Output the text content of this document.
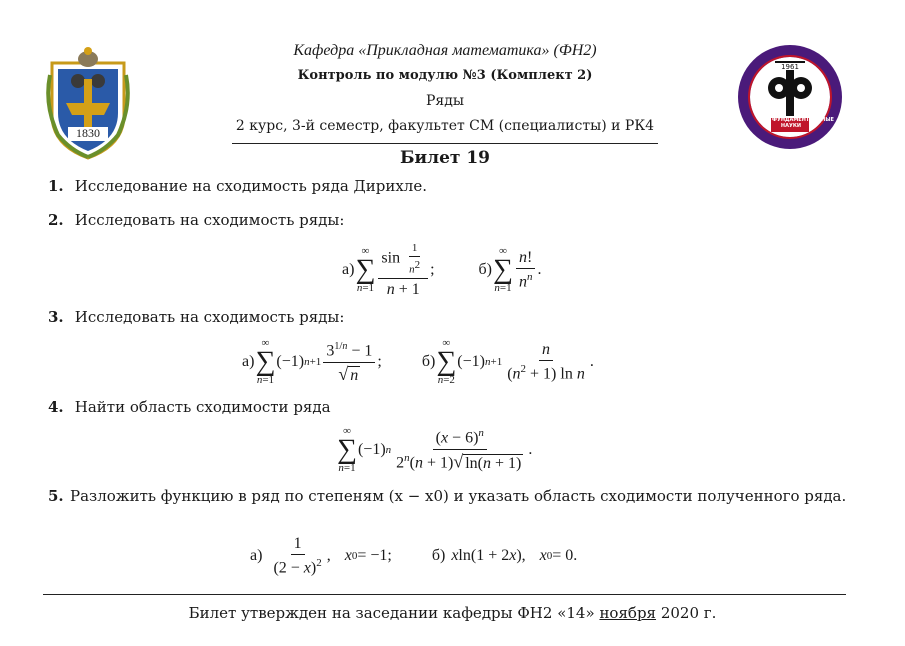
1830
1961
ФУНДАМЕНТАЛЬНЫЕ НАУКИ
Кафедра «Прикладная математика» (ФН2)
Контроль по модулю №3 (Комплект 2)
Ряды
2 курс, 3-й семестр, факультет СМ (специалисты) и РК4
Билет 19
1. Исследование на сходимость ряда Дирихле.
2. Исследовать на сходимость ряды:
а)
∞
∑
$n=1 \frac{\sin \frac{1}{n2}}{n + 1}$ ;	б)
∞
∑
$n=1 \frac{n!}{n^n}$ .
3. Исследовать на сходимость ряды:
а)
∞
∑
n=1
(−1) $n+1 \frac{3^{1/n} - 1}{√ n}$ ;	б)
∞
∑
n=2
(−1) $n+1 \frac{n}{(n^2 + 1) \ln n}$ .
4. Найти область сходимости ряда
∞
∑
n=1
(−1) n $\frac{(x - 6)^n}{2^n(n + 1)√ \ln(n + 1)}$ .
5. Разложить функцию в ряд по степеням (x − x0) и указать область сходимости полученного ряда.
$а) \frac{1}{(2 - x)^2}$ , x 0 = −1;	б) x ln(1 + 2 x ), x 0 = 0.
Билет утвержден на заседании кафедры ФН2 «14» ноября 2020 г.
